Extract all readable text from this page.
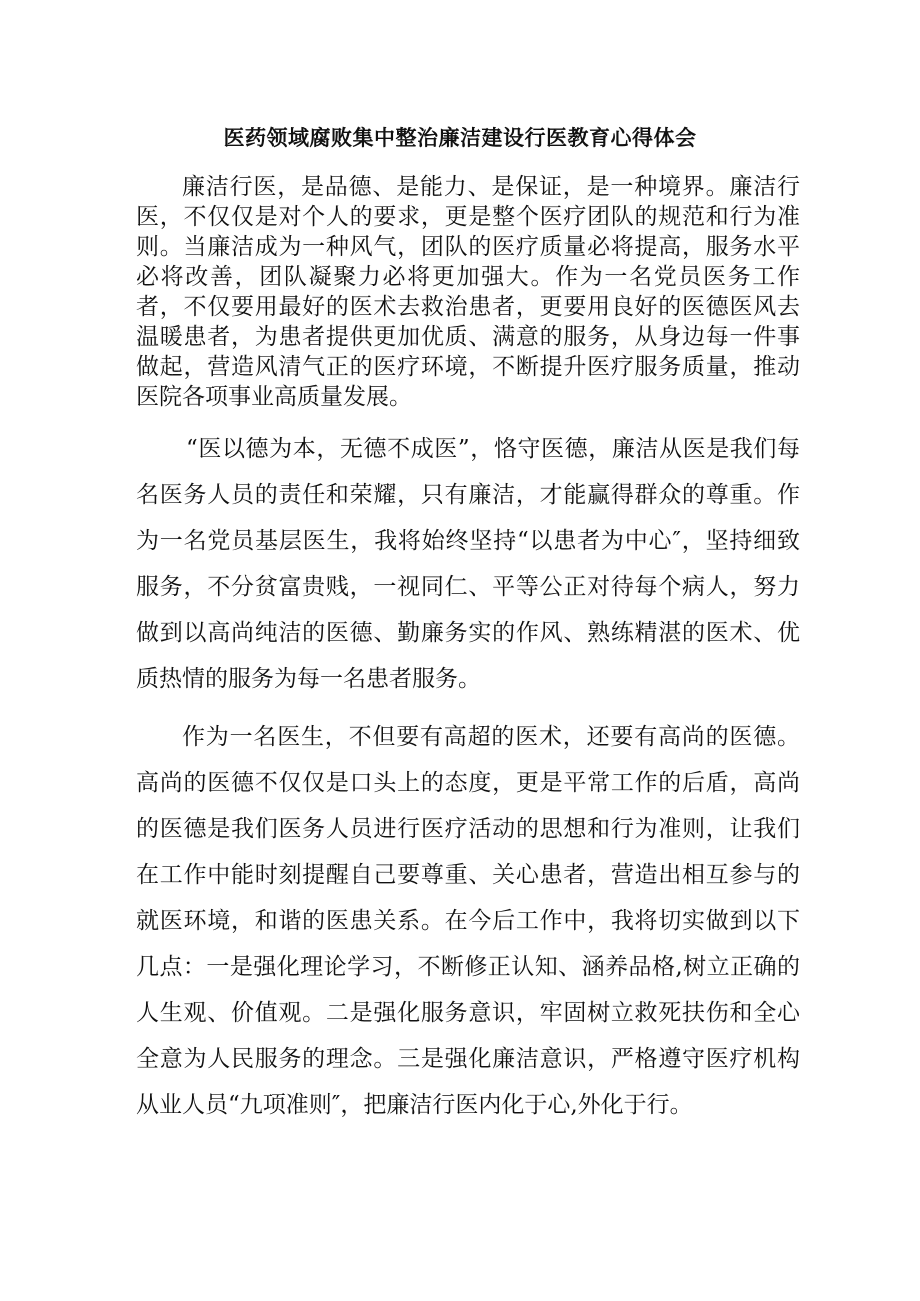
医药领域腐败集中整治廉洁建设行医教育心得体会

廉洁行医，是品德、是能力、是保证，是一种境界。廉洁行医，不仅仅是对个人的要求，更是整个医疗团队的规范和行为准则。当廉洁成为一种风气，团队的医疗质量必将提高，服务水平必将改善，团队凝聚力必将更加强大。作为一名党员医务工作者，不仅要用最好的医术去救治患者，更要用良好的医德医风去温暖患者，为患者提供更加优质、满意的服务，从身边每一件事做起，营造风清气正的医疗环境，不断提升医疗服务质量，推动医院各项事业高质量发展。

“医以德为本，无德不成医”，恪守医德，廉洁从医是我们每名医务人员的责任和荣耀，只有廉洁，才能赢得群众的尊重。作为一名党员基层医生，我将始终坚持“以患者为中心″，坚持细致服务，不分贫富贵贱，一视同仁、平等公正对待每个病人，努力做到以高尚纯洁的医德、勤廉务实的作风、熟练精湛的医术、优质热情的服务为每一名患者服务。

作为一名医生，不但要有高超的医术，还要有高尚的医德。高尚的医德不仅仅是口头上的态度，更是平常工作的后盾，高尚的医德是我们医务人员进行医疗活动的思想和行为准则，让我们在工作中能时刻提醒自己要尊重、关心患者，营造出相互参与的就医环境，和谐的医患关系。在今后工作中，我将切实做到以下几点：一是强化理论学习，不断修正认知、涵养品格,树立正确的人生观、价值观。二是强化服务意识，牢固树立救死扶伤和全心全意为人民服务的理念。三是强化廉洁意识，严格遵守医疗机构从业人员“九项准则″，把廉洁行医内化于心,外化于行。
